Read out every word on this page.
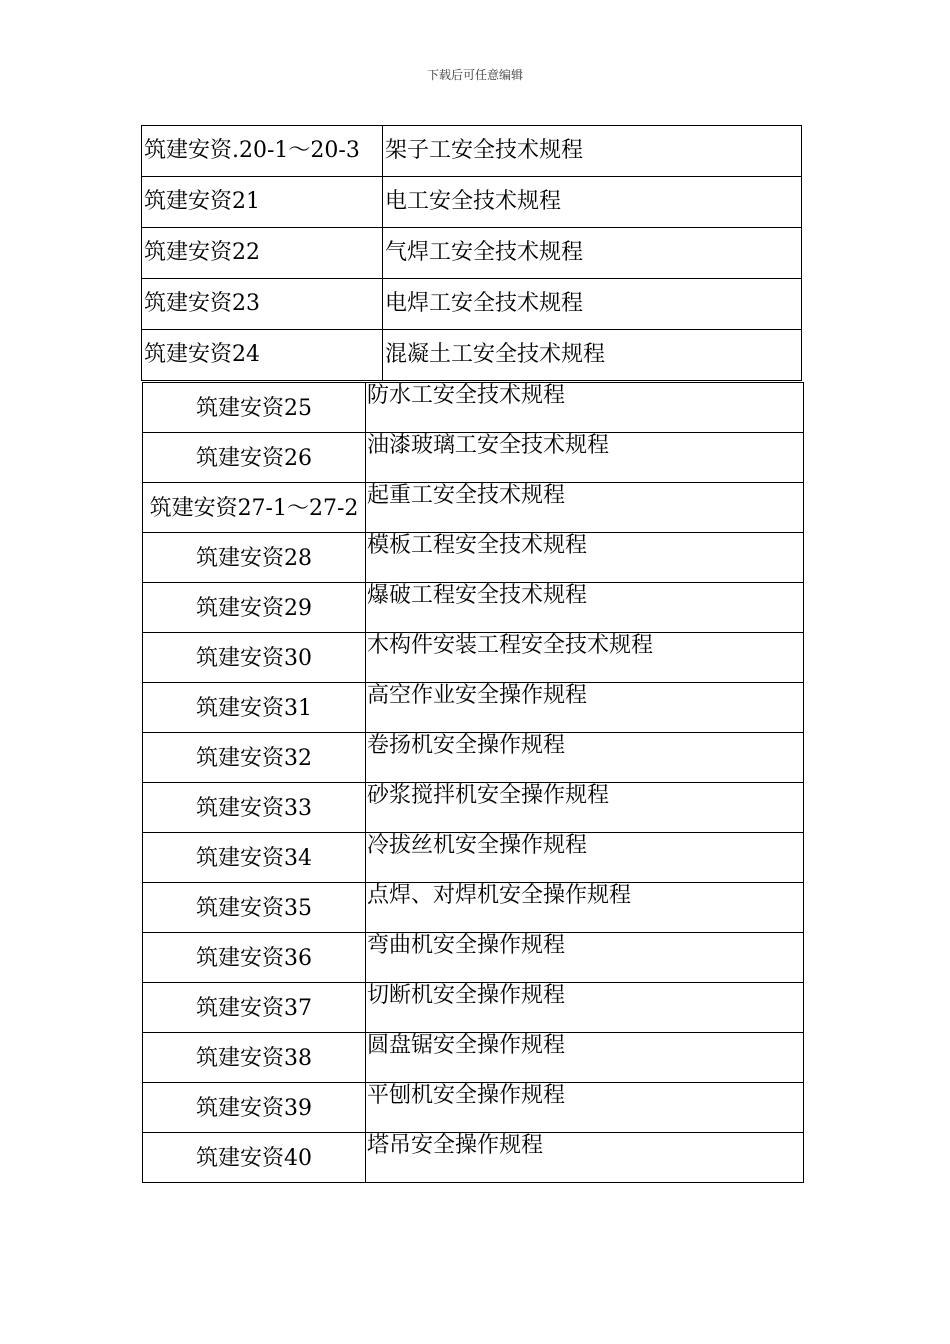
下载后可任意编辑
筑建安资.20-1～20-3	架子工安全技术规程
筑建安资21	电工安全技术规程
筑建安资22	气焊工安全技术规程
筑建安资23	电焊工安全技术规程
筑建安资24	混凝土工安全技术规程
筑建安资25	防水工安全技术规程
筑建安资26	油漆玻璃工安全技术规程
筑建安资27-1～27-2	起重工安全技术规程
筑建安资28	模板工程安全技术规程
筑建安资29	爆破工程安全技术规程
筑建安资30	木构件安装工程安全技术规程
筑建安资31	高空作业安全操作规程
筑建安资32	卷扬机安全操作规程
筑建安资33	砂浆搅拌机安全操作规程
筑建安资34	冷拔丝机安全操作规程
筑建安资35	点焊、对焊机安全操作规程
筑建安资36	弯曲机安全操作规程
筑建安资37	切断机安全操作规程
筑建安资38	圆盘锯安全操作规程
筑建安资39	平刨机安全操作规程
筑建安资40	塔吊安全操作规程
